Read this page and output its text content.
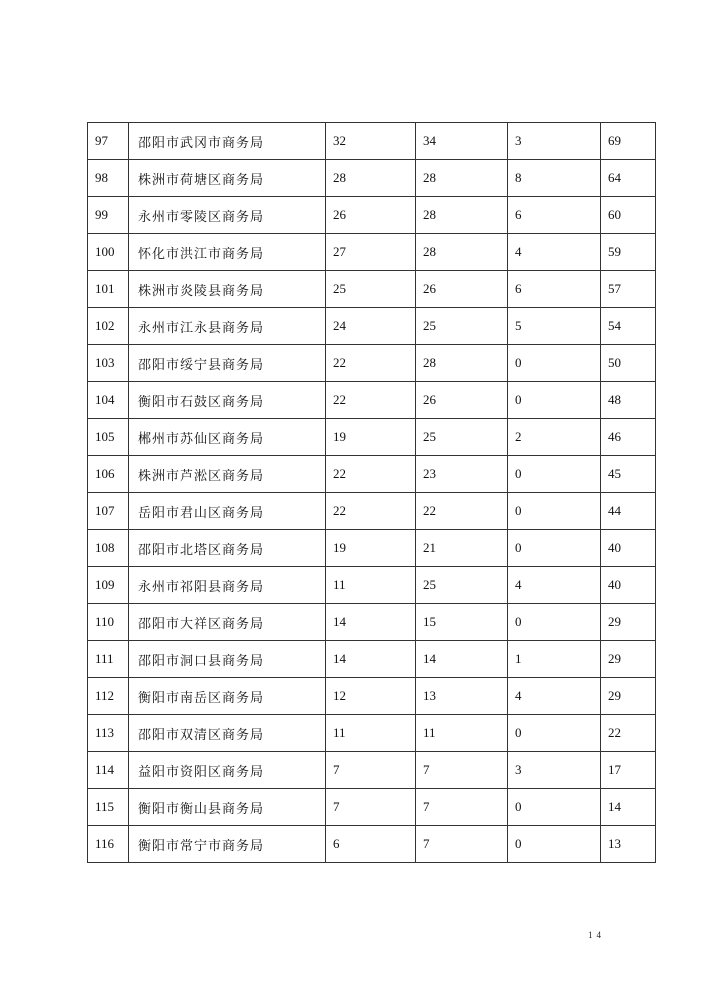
97	邵阳市武冈市商务局	32	34	3	69
98	株洲市荷塘区商务局	28	28	8	64
99	永州市零陵区商务局	26	28	6	60
100	怀化市洪江市商务局	27	28	4	59
101	株洲市炎陵县商务局	25	26	6	57
102	永州市江永县商务局	24	25	5	54
103	邵阳市绥宁县商务局	22	28	0	50
104	衡阳市石鼓区商务局	22	26	0	48
105	郴州市苏仙区商务局	19	25	2	46
106	株洲市芦淞区商务局	22	23	0	45
107	岳阳市君山区商务局	22	22	0	44
108	邵阳市北塔区商务局	19	21	0	40
109	永州市祁阳县商务局	11	25	4	40
110	邵阳市大祥区商务局	14	15	0	29
111	邵阳市洞口县商务局	14	14	1	29
112	衡阳市南岳区商务局	12	13	4	29
113	邵阳市双清区商务局	11	11	0	22
114	益阳市资阳区商务局	7	7	3	17
115	衡阳市衡山县商务局	7	7	0	14
116	衡阳市常宁市商务局	6	7	0	13
14
